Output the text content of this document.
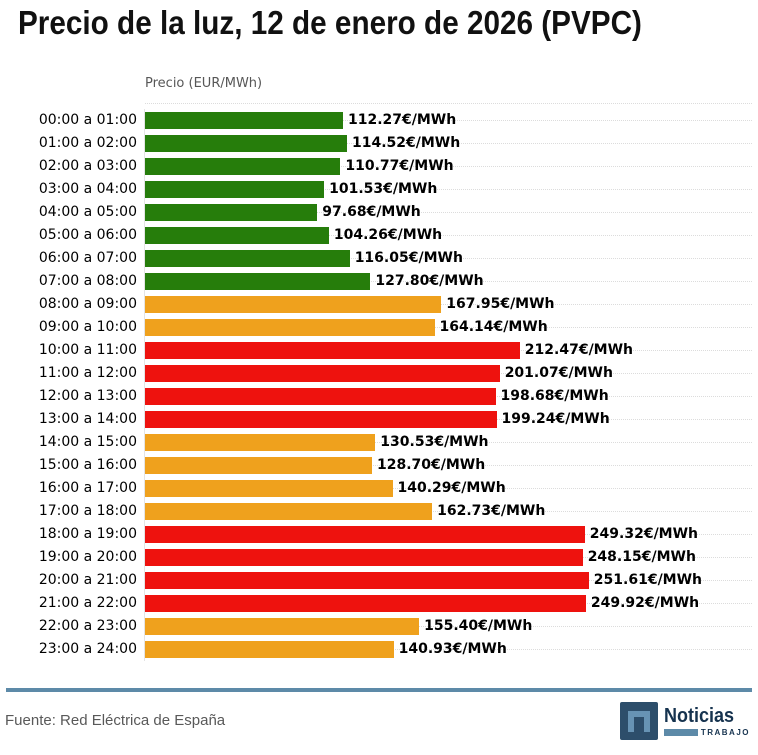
Precio de la luz, 12 de enero de 2026 (PVPC)
Precio (EUR/MWh)
00:00 a 01:00	112.27€/MWh
01:00 a 02:00	114.52€/MWh
02:00 a 03:00	110.77€/MWh
03:00 a 04:00	101.53€/MWh
04:00 a 05:00	97.68€/MWh
05:00 a 06:00	104.26€/MWh
06:00 a 07:00	116.05€/MWh
07:00 a 08:00	127.80€/MWh
08:00 a 09:00	167.95€/MWh
09:00 a 10:00	164.14€/MWh
10:00 a 11:00	212.47€/MWh
11:00 a 12:00	201.07€/MWh
12:00 a 13:00	198.68€/MWh
13:00 a 14:00	199.24€/MWh
14:00 a 15:00	130.53€/MWh
15:00 a 16:00	128.70€/MWh
16:00 a 17:00	140.29€/MWh
17:00 a 18:00	162.73€/MWh
18:00 a 19:00	249.32€/MWh
19:00 a 20:00	248.15€/MWh
20:00 a 21:00	251.61€/MWh
21:00 a 22:00	249.92€/MWh
22:00 a 23:00	155.40€/MWh
23:00 a 24:00	140.93€/MWh
Fuente: Red Eléctrica de España	Noticias
TRABAJO
